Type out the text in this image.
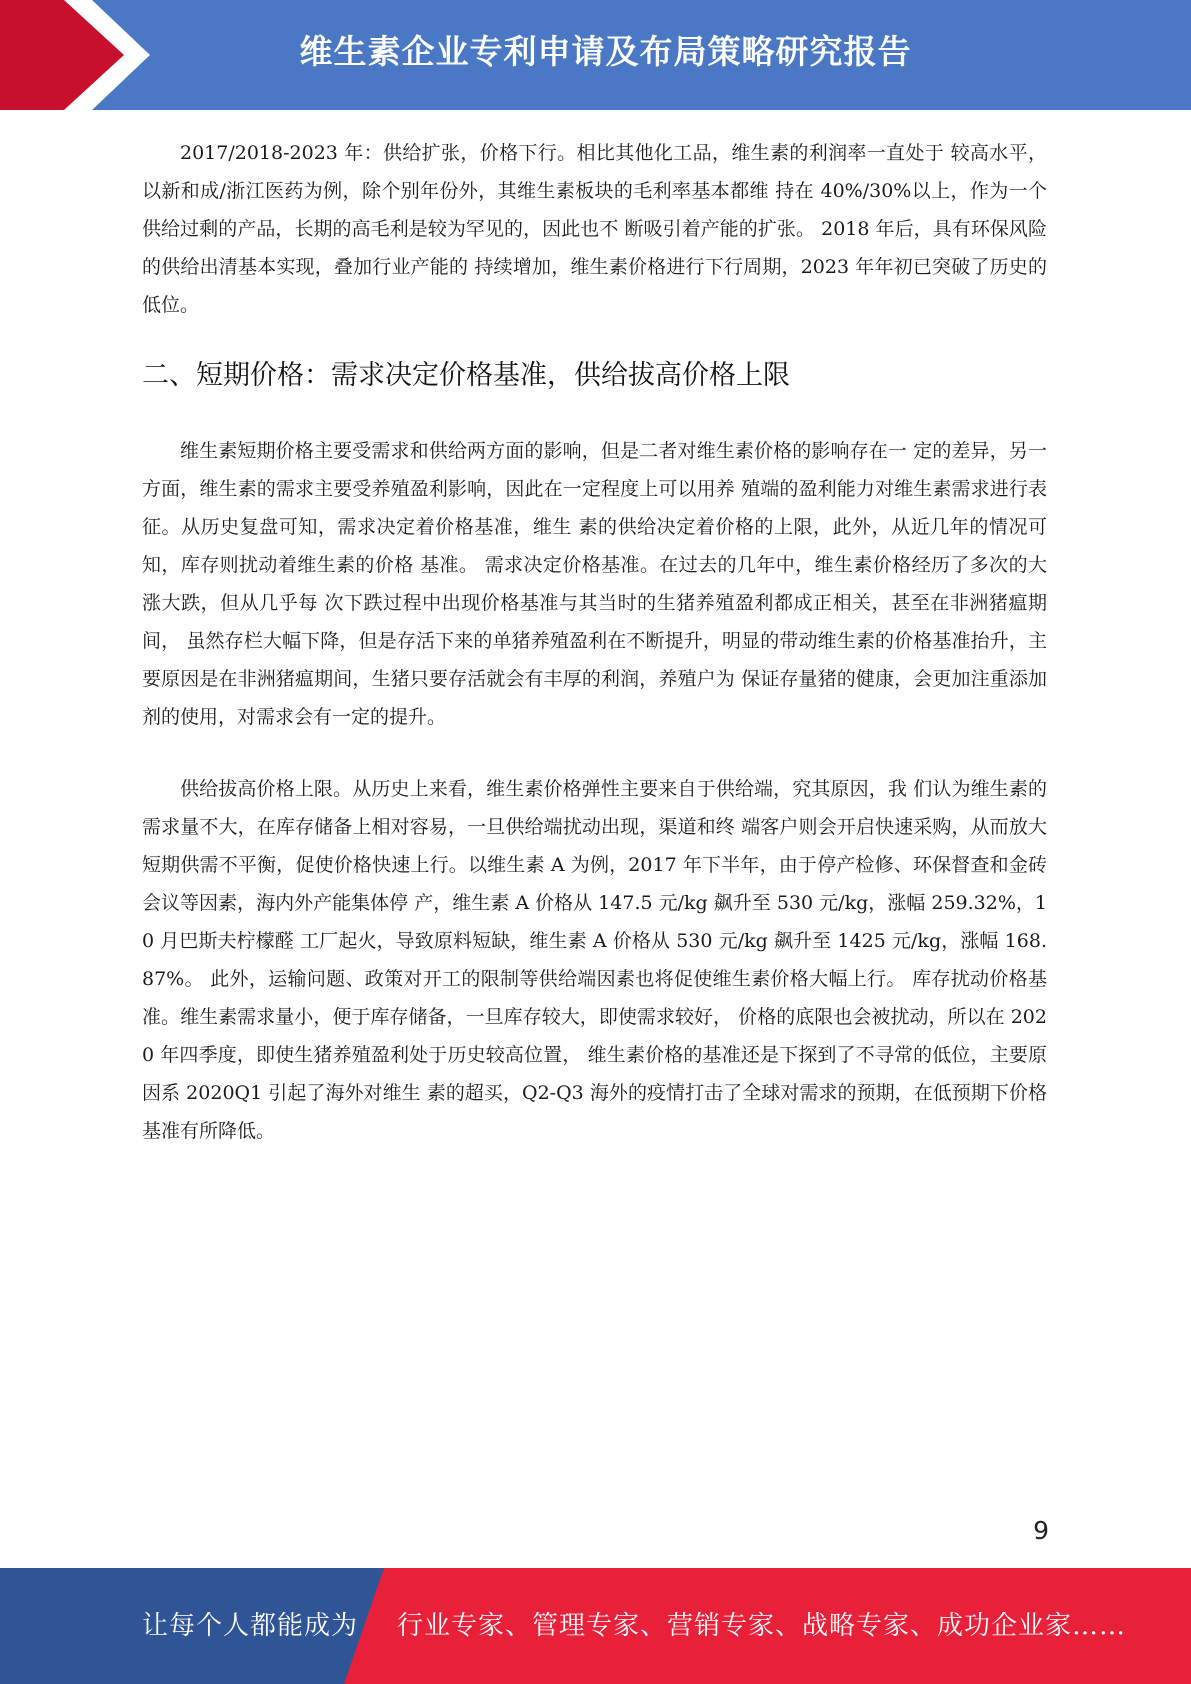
维生素企业专利申请及布局策略研究报告

2017/2018-2023 年：供给扩张，价格下行。相比其他化工品，维生素的利润率一直处于 较高水平，以新和成/浙江医药为例，除个别年份外，其维生素板块的毛利率基本都维 持在 40%/30%以上，作为一个供给过剩的产品，长期的高毛利是较为罕见的，因此也不 断吸引着产能的扩张。 2018 年后，具有环保风险的供给出清基本实现，叠加行业产能的 持续增加，维生素价格进行下行周期，2023 年年初已突破了历史的低位。

二、短期价格：需求决定价格基准，供给拔高价格上限

维生素短期价格主要受需求和供给两方面的影响，但是二者对维生素价格的影响存在一 定的差异，另一方面，维生素的需求主要受养殖盈利影响，因此在一定程度上可以用养 殖端的盈利能力对维生素需求进行表征。从历史复盘可知，需求决定着价格基准，维生 素的供给决定着价格的上限，此外，从近几年的情况可知，库存则扰动着维生素的价格 基准。 需求决定价格基准。在过去的几年中，维生素价格经历了多次的大涨大跌，但从几乎每 次下跌过程中出现价格基准与其当时的生猪养殖盈利都成正相关，甚至在非洲猪瘟期间， 虽然存栏大幅下降，但是存活下来的单猪养殖盈利在不断提升，明显的带动维生素的价格基准抬升，主要原因是在非洲猪瘟期间，生猪只要存活就会有丰厚的利润，养殖户为 保证存量猪的健康，会更加注重添加剂的使用，对需求会有一定的提升。

供给拔高价格上限。从历史上来看，维生素价格弹性主要来自于供给端，究其原因，我 们认为维生素的需求量不大，在库存储备上相对容易，一旦供给端扰动出现，渠道和终 端客户则会开启快速采购，从而放大短期供需不平衡，促使价格快速上行。以维生素 A 为例，2017 年下半年，由于停产检修、环保督查和金砖会议等因素，海内外产能集体停 产，维生素 A 价格从 147.5 元/kg 飙升至 530 元/kg，涨幅 259.32%，10 月巴斯夫柠檬醛 工厂起火，导致原料短缺，维生素 A 价格从 530 元/kg 飙升至 1425 元/kg，涨幅 168.87%。 此外，运输问题、政策对开工的限制等供给端因素也将促使维生素价格大幅上行。 库存扰动价格基准。维生素需求量小，便于库存储备，一旦库存较大，即使需求较好， 价格的底限也会被扰动，所以在 2020 年四季度，即使生猪养殖盈利处于历史较高位置， 维生素价格的基准还是下探到了不寻常的低位，主要原因系 2020Q1 引起了海外对维生 素的超买，Q2-Q3 海外的疫情打击了全球对需求的预期，在低预期下价格基准有所降低。

9
让每个人都能成为 行业专家、管理专家、营销专家、战略专家、成功企业家……
